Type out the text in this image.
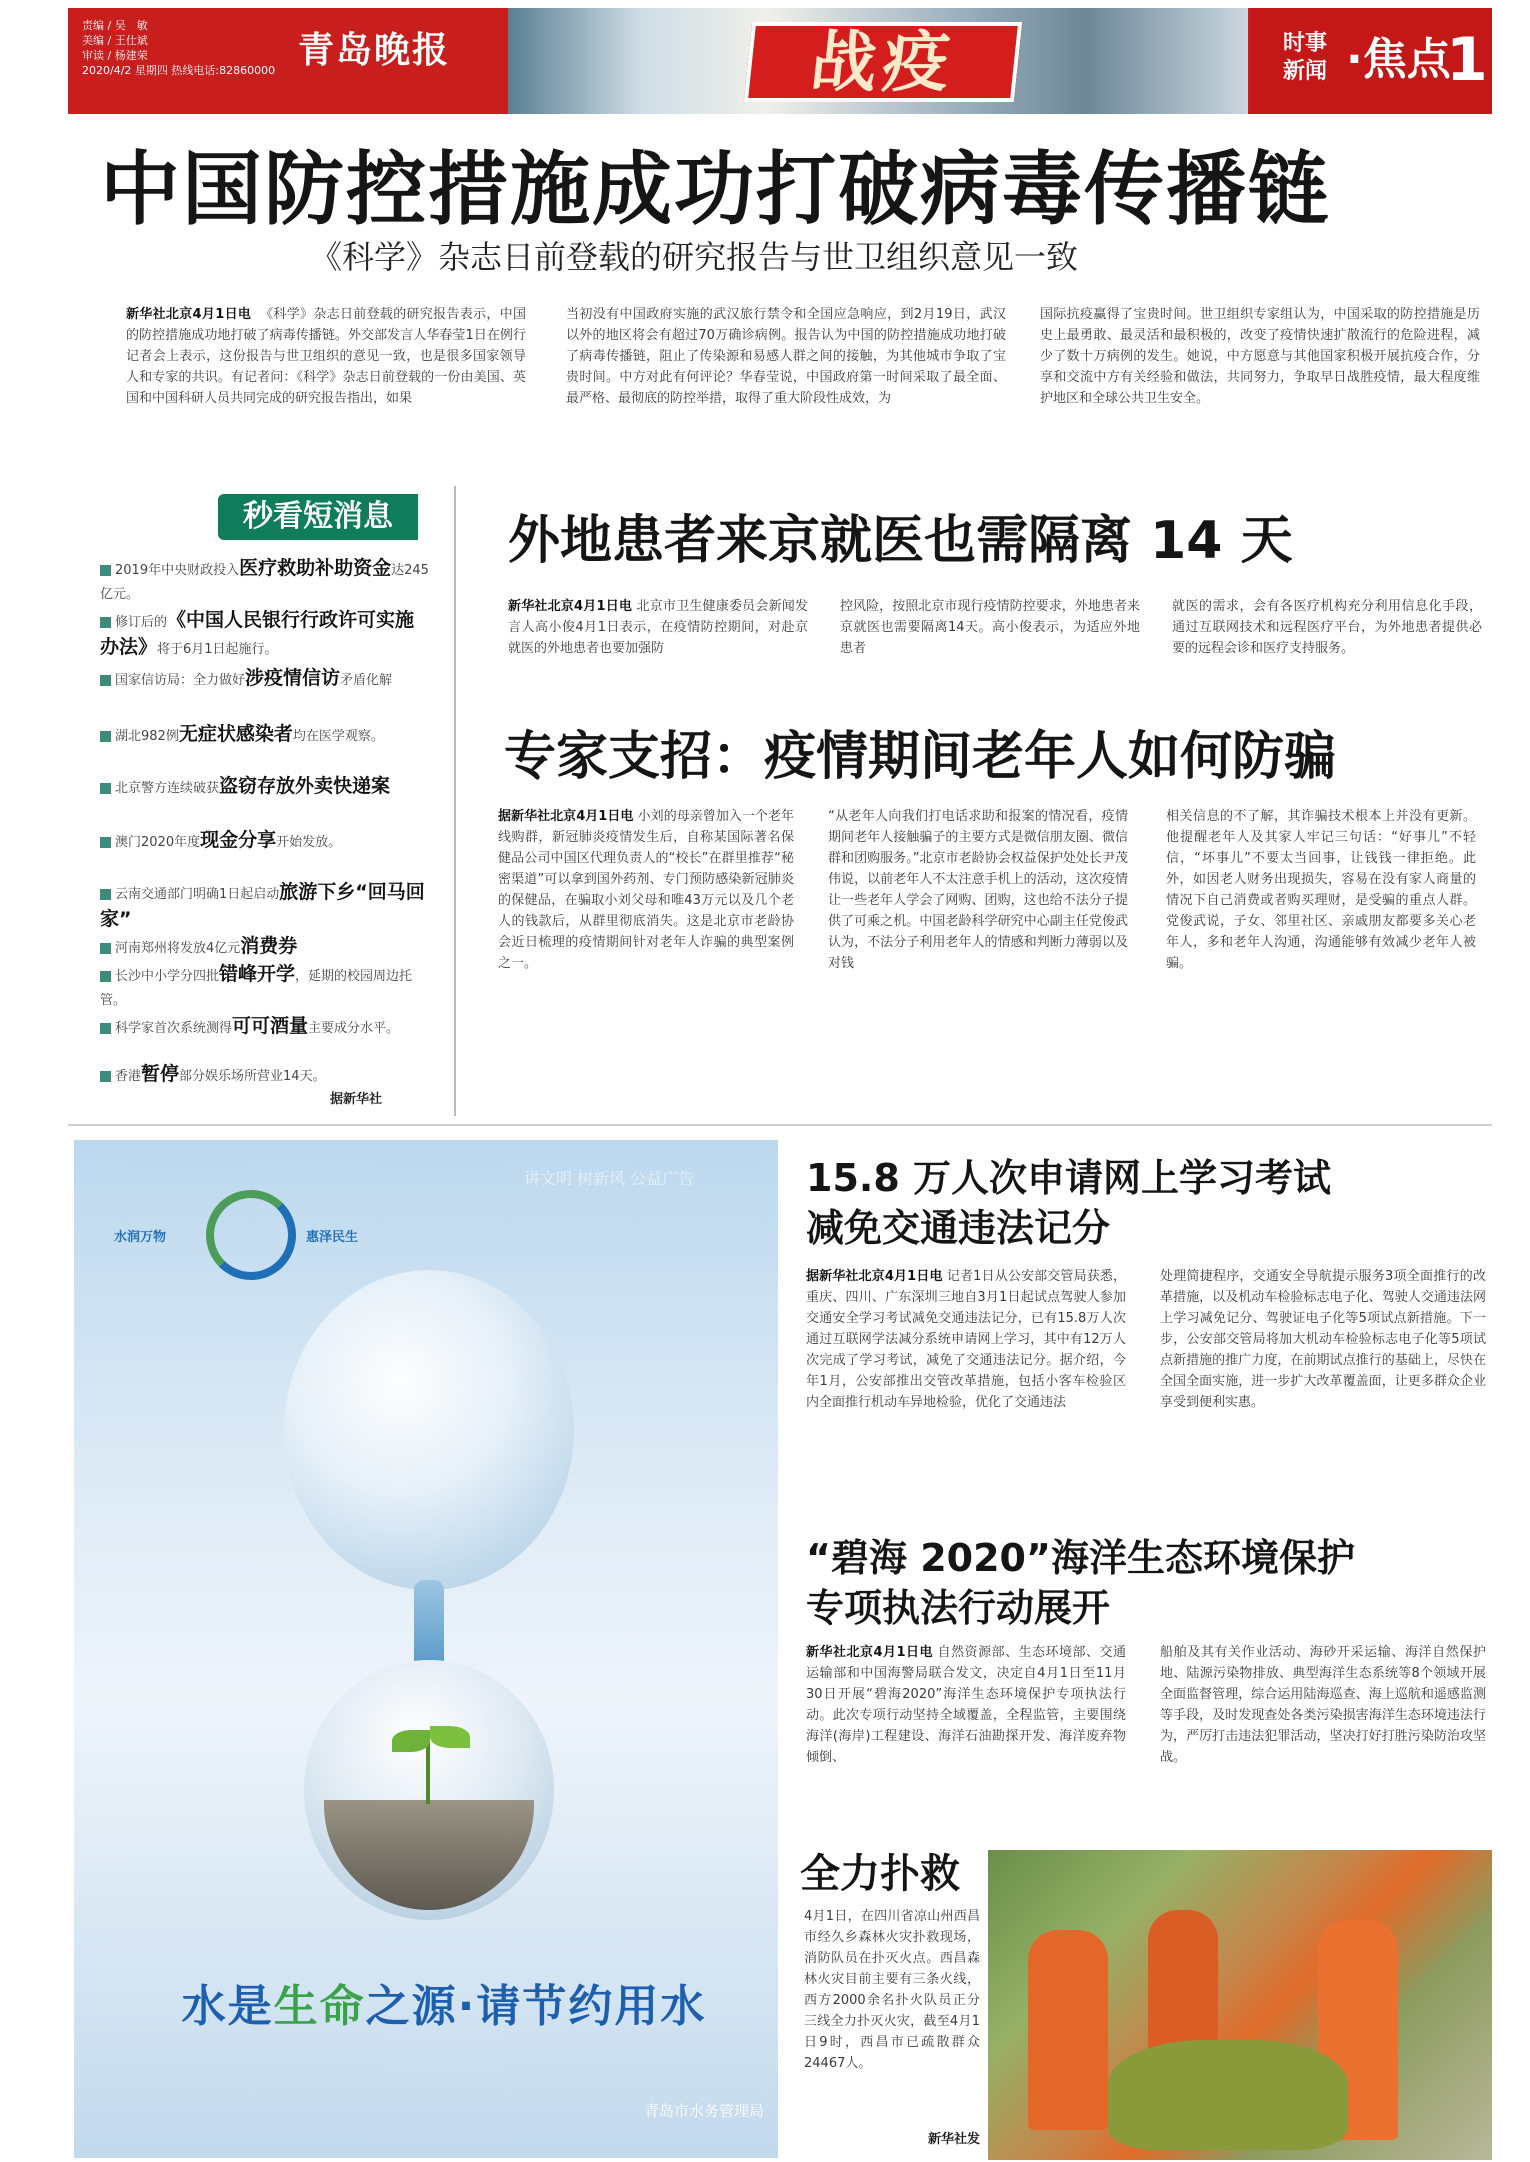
责编 / 吴　敏
美编 / 王仕斌
审读 / 杨建荣
2020/4/2 星期四 热线电话:82860000 青岛晚报	战疫	时事
新闻 ·焦点
11
中国防控措施成功打破病毒传播链
《科学》杂志日前登载的研究报告与世卫组织意见一致
新华社北京4月1日电 《科学》杂志日前登载的研究报告表示，中国的防控措施成功地打破了病毒传播链。外交部发言人华春莹1日在例行记者会上表示，这份报告与世卫组织的意见一致，也是很多国家领导人和专家的共识。有记者问：《科学》杂志日前登载的一份由美国、英国和中国科研人员共同完成的研究报告指出，如果
当初没有中国政府实施的武汉旅行禁令和全国应急响应，到2月19日，武汉以外的地区将会有超过70万确诊病例。报告认为中国的防控措施成功地打破了病毒传播链，阻止了传染源和易感人群之间的接触，为其他城市争取了宝贵时间。中方对此有何评论？华春莹说，中国政府第一时间采取了最全面、最严格、最彻底的防控举措，取得了重大阶段性成效，为
国际抗疫赢得了宝贵时间。世卫组织专家组认为，中国采取的防控措施是历史上最勇敢、最灵活和最积极的，改变了疫情快速扩散流行的危险进程，减少了数十万病例的发生。她说，中方愿意与其他国家积极开展抗疫合作，分享和交流中方有关经验和做法，共同努力，争取早日战胜疫情，最大程度维护地区和全球公共卫生安全。
秒看短消息
2019年中央财政投入医疗救助补助资金达245亿元。
修订后的《中国人民银行行政许可实施办法》将于6月1日起施行。
国家信访局：全力做好涉疫情信访矛盾化解
湖北982例无症状感染者均在医学观察。
北京警方连续破获盗窃存放外卖快递案
澳门2020年度现金分享开始发放。
云南交通部门明确1日起启动旅游下乡“回马回家”
河南郑州将发放4亿元消费券
长沙中小学分四批错峰开学，延期的校园周边托管。
科学家首次系统测得可可酒量主要成分水平。
香港暂停部分娱乐场所营业14天。
据新华社
外地患者来京就医也需隔离 14 天
新华社北京4月1日电 北京市卫生健康委员会新闻发言人高小俊4月1日表示，在疫情防控期间，对赴京就医的外地患者也要加强防
控风险，按照北京市现行疫情防控要求，外地患者来京就医也需要隔离14天。高小俊表示，为适应外地患者
就医的需求，会有各医疗机构充分利用信息化手段，通过互联网技术和远程医疗平台，为外地患者提供必要的远程会诊和医疗支持服务。
专家支招：疫情期间老年人如何防骗
据新华社北京4月1日电 小刘的母亲曾加入一个老年线购群，新冠肺炎疫情发生后，自称某国际著名保健品公司中国区代理负责人的“校长”在群里推荐“秘密渠道”可以拿到国外药剂、专门预防感染新冠肺炎的保健品，在骗取小刘父母和唯43万元以及几个老人的钱款后，从群里彻底消失。这是北京市老龄协会近日梳理的疫情期间针对老年人诈骗的典型案例之一。
“从老年人向我们打电话求助和报案的情况看，疫情期间老年人接触骗子的主要方式是微信朋友圈、微信群和团购服务。”北京市老龄协会权益保护处处长尹茂伟说，以前老年人不太注意手机上的活动，这次疫情让一些老年人学会了网购、团购，这也给不法分子提供了可乘之机。中国老龄科学研究中心副主任党俊武认为，不法分子利用老年人的情感和判断力薄弱以及对钱
相关信息的不了解，其诈骗技术根本上并没有更新。他提醒老年人及其家人牢记三句话：“好事儿”不轻信，“坏事儿”不要太当回事，让钱钱一律拒绝。此外，如因老人财务出现损失，容易在没有家人商量的情况下自己消费或者购买理财，是受骗的重点人群。党俊武说，子女、邻里社区、亲戚朋友都要多关心老年人，多和老年人沟通，沟通能够有效减少老年人被骗。
讲文明 树新风 公益广告
水润万物	惠泽民生
水是生命之源·请节约用水
青岛市水务管理局
15.8 万人次申请网上学习考试
减免交通违法记分
据新华社北京4月1日电 记者1日从公安部交管局获悉，重庆、四川、广东深圳三地自3月1日起试点驾驶人参加交通安全学习考试减免交通违法记分，已有15.8万人次通过互联网学法减分系统申请网上学习，其中有12万人次完成了学习考试，减免了交通违法记分。据介绍，今年1月，公安部推出交管改革措施，包括小客车检验区内全面推行机动车异地检验，优化了交通违法
处理简捷程序，交通安全导航提示服务3项全面推行的改革措施，以及机动车检验标志电子化、驾驶人交通违法网上学习减免记分、驾驶证电子化等5项试点新措施。下一步，公安部交管局将加大机动车检验标志电子化等5项试点新措施的推广力度，在前期试点推行的基础上，尽快在全国全面实施，进一步扩大改革覆盖面，让更多群众企业享受到便利实惠。
“碧海 2020”海洋生态环境保护
专项执法行动展开
新华社北京4月1日电 自然资源部、生态环境部、交通运输部和中国海警局联合发文，决定自4月1日至11月30日开展“碧海2020”海洋生态环境保护专项执法行动。此次专项行动坚持全域覆盖，全程监管，主要围绕海洋(海岸)工程建设、海洋石油勘探开发、海洋废弃物倾倒、
船舶及其有关作业活动、海砂开采运输、海洋自然保护地、陆源污染物排放、典型海洋生态系统等8个领域开展全面监督管理，综合运用陆海巡查、海上巡航和遥感监测等手段，及时发现查处各类污染损害海洋生态环境违法行为，严厉打击违法犯罪活动，坚决打好打胜污染防治攻坚战。
全力扑救
4月1日，在四川省凉山州西昌市经久乡森林火灾扑救现场，消防队员在扑灭火点。西昌森林火灾目前主要有三条火线，西方2000余名扑火队员正分三线全力扑灭火灾，截至4月1日9时，西昌市已疏散群众24467人。
新华社发
